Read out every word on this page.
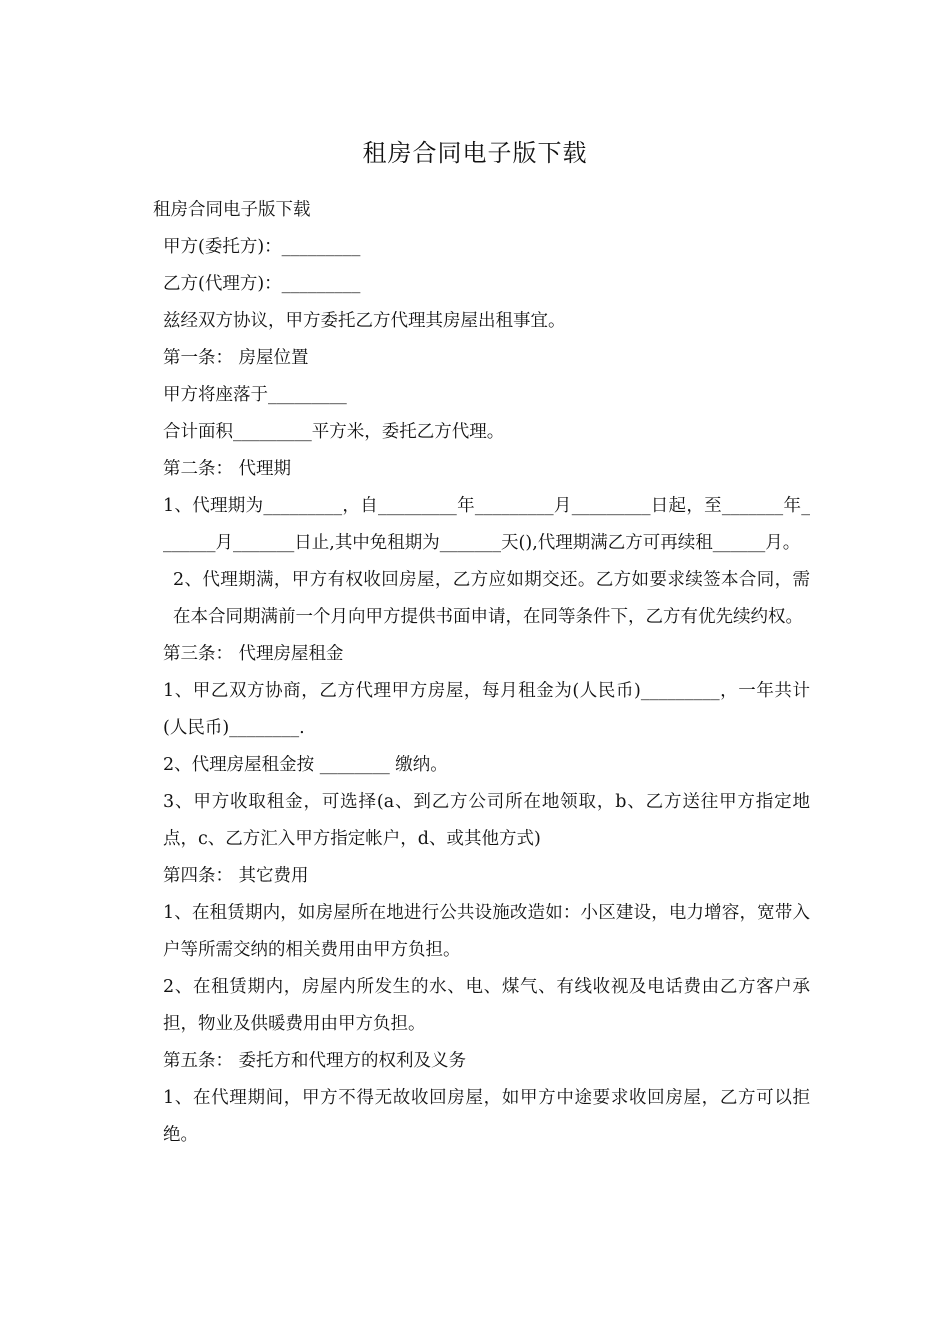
租房合同电子版下载
租房合同电子版下载
甲方(委托方)：_________
乙方(代理方)：_________
兹经双方协议，甲方委托乙方代理其房屋出租事宜。
第一条： 房屋位置
甲方将座落于_________
合计面积_________平方米，委托乙方代理。
第二条： 代理期
1、代理期为_________，自_________年_________月_________日起，至_______年_______月_______日止,其中免租期为_______天(),代理期满乙方可再续租______月。
2、代理期满，甲方有权收回房屋，乙方应如期交还。乙方如要求续签本合同，需在本合同期满前一个月向甲方提供书面申请，在同等条件下，乙方有优先续约权。
第三条： 代理房屋租金
1、甲乙双方协商，乙方代理甲方房屋，每月租金为(人民币)_________，一年共计(人民币)________.
2、代理房屋租金按 ________ 缴纳。
3、甲方收取租金，可选择(a、到乙方公司所在地领取，b、乙方送往甲方指定地点，c、乙方汇入甲方指定帐户，d、或其他方式)
第四条： 其它费用
1、在租赁期内，如房屋所在地进行公共设施改造如：小区建设，电力增容，宽带入户等所需交纳的相关费用由甲方负担。
2、在租赁期内，房屋内所发生的水、电、煤气、有线收视及电话费由乙方客户承担，物业及供暖费用由甲方负担。
第五条： 委托方和代理方的权利及义务
1、在代理期间，甲方不得无故收回房屋，如甲方中途要求收回房屋，乙方可以拒绝。
